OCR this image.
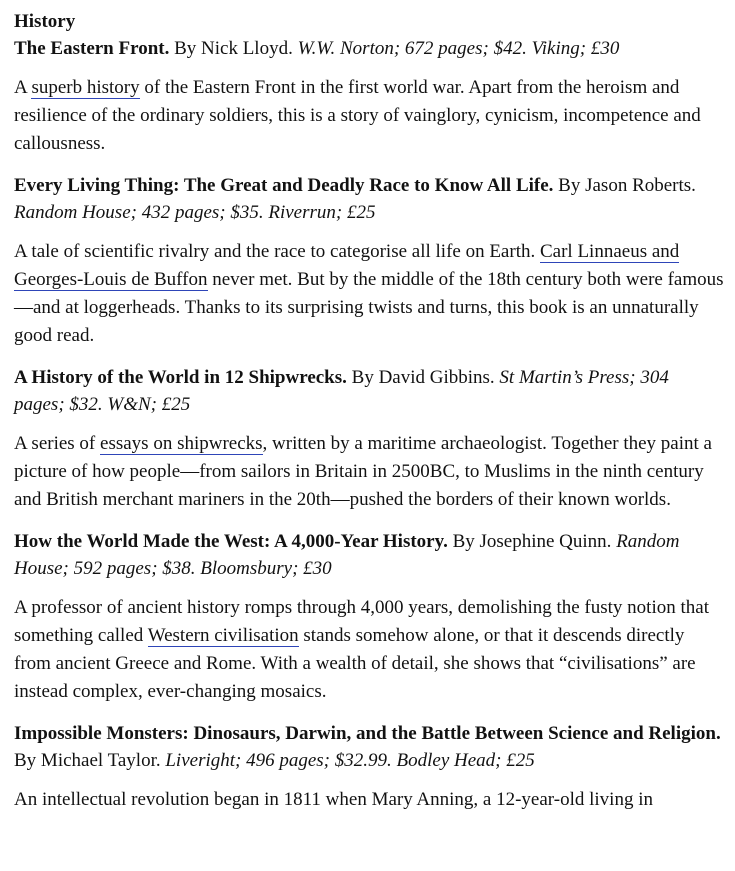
History

The Eastern Front. By Nick Lloyd. W.W. Norton; 672 pages; $42. Viking; £30

A superb history of the Eastern Front in the first world war. Apart from the heroism and resilience of the ordinary soldiers, this is a story of vainglory, cynicism, incompetence and callousness.

Every Living Thing: The Great and Deadly Race to Know All Life. By Jason Roberts. Random House; 432 pages; $35. Riverrun; £25

A tale of scientific rivalry and the race to categorise all life on Earth. Carl Linnaeus and Georges-Louis de Buffon never met. But by the middle of the 18th century both were famous—and at loggerheads. Thanks to its surprising twists and turns, this book is an unnaturally good read.

A History of the World in 12 Shipwrecks. By David Gibbins. St Martin’s Press; 304 pages; $32. W&N; £25

A series of essays on shipwrecks, written by a maritime archaeologist. Together they paint a picture of how people—from sailors in Britain in 2500BC, to Muslims in the ninth century and British merchant mariners in the 20th—pushed the borders of their known worlds.

How the World Made the West: A 4,000-Year History. By Josephine Quinn. Random House; 592 pages; $38. Bloomsbury; £30

A professor of ancient history romps through 4,000 years, demolishing the fusty notion that something called Western civilisation stands somehow alone, or that it descends directly from ancient Greece and Rome. With a wealth of detail, she shows that “civilisations” are instead complex, ever-changing mosaics.

Impossible Monsters: Dinosaurs, Darwin, and the Battle Between Science and Religion. By Michael Taylor. Liveright; 496 pages; $32.99. Bodley Head; £25

An intellectual revolution began in 1811 when Mary Anning, a 12-year-old living in
